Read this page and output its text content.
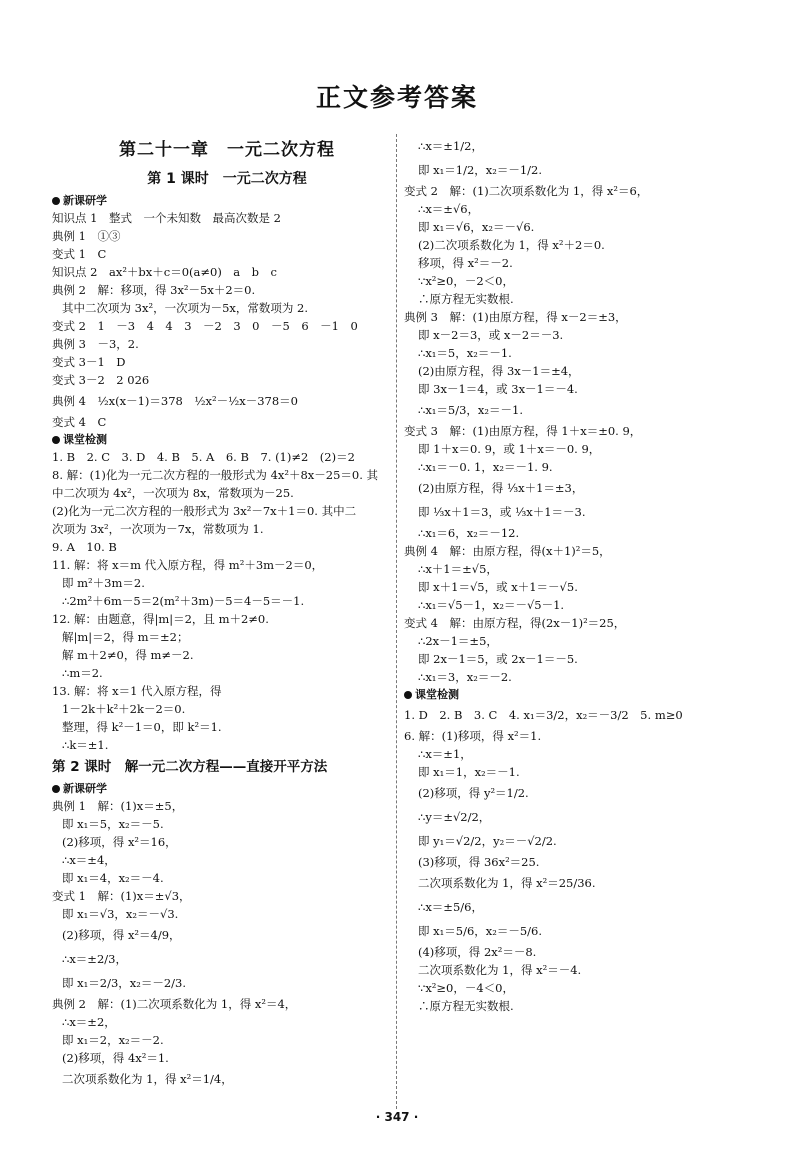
正文参考答案
第二十一章　一元二次方程
第 1 课时　一元二次方程
新课研学
知识点 1　整式　一个未知数　最高次数是 2
典例 1　①③
变式 1　C
知识点 2　ax²＋bx＋c＝0(a≠0)　a　b　c
典例 2　解：移项，得 3x²－5x＋2＝0.
其中二次项为 3x²，一次项为－5x，常数项为 2.
变式 2　1　－3　4　4　3　－2　3　0　－5　6　－1　0
典例 3　－3，2.
变式 3－1　D
变式 3－2　2 026
典例 4　½x(x－1)＝378　½x²－½x－378＝0
变式 4　C
课堂检测
1. B　2. C　3. D　4. B　5. A　6. B　7. (1)≠2　(2)＝2
8. 解：(1)化为一元二次方程的一般形式为 4x²＋8x－25＝0. 其
中二次项为 4x²，一次项为 8x，常数项为－25.
(2)化为一元二次方程的一般形式为 3x²－7x＋1＝0. 其中二
次项为 3x²，一次项为－7x，常数项为 1.
9. A　10. B
11. 解：将 x＝m 代入原方程，得 m²＋3m－2＝0，
即 m²＋3m＝2.
∴2m²＋6m－5＝2(m²＋3m)－5＝4－5＝－1.
12. 解：由题意，得|m|＝2，且 m＋2≠0.
解|m|＝2，得 m＝±2；
解 m＋2≠0，得 m≠－2.
∴m＝2.
13. 解：将 x＝1 代入原方程，得
1－2k＋k²＋2k－2＝0.
整理，得 k²－1＝0，即 k²＝1.
∴k＝±1.
第 2 课时　解一元二次方程——直接开平方法
新课研学
典例 1　解：(1)x＝±5，
即 x₁＝5，x₂＝－5.
(2)移项，得 x²＝16，
∴x＝±4，
即 x₁＝4，x₂＝－4.
变式 1　解：(1)x＝±√3，
即 x₁＝√3，x₂＝－√3.
(2)移项，得 x²＝4/9，
∴x＝±2/3，
即 x₁＝2/3，x₂＝－2/3.
典例 2　解：(1)二次项系数化为 1，得 x²＝4，
∴x＝±2，
即 x₁＝2，x₂＝－2.
(2)移项，得 4x²＝1.
二次项系数化为 1，得 x²＝1/4，
∴x＝±1/2，
即 x₁＝1/2，x₂＝－1/2.
变式 2　解：(1)二次项系数化为 1，得 x²＝6，
∴x＝±√6，
即 x₁＝√6，x₂＝－√6.
(2)二次项系数化为 1，得 x²＋2＝0.
移项，得 x²＝－2.
∵x²≥0，－2＜0，
∴原方程无实数根.
典例 3　解：(1)由原方程，得 x－2＝±3，
即 x－2＝3，或 x－2＝－3.
∴x₁＝5，x₂＝－1.
(2)由原方程，得 3x－1＝±4，
即 3x－1＝4，或 3x－1＝－4.
∴x₁＝5/3，x₂＝－1.
变式 3　解：(1)由原方程，得 1＋x＝±0. 9，
即 1＋x＝0. 9，或 1＋x＝－0. 9，
∴x₁＝－0. 1，x₂＝－1. 9.
(2)由原方程，得 ⅓x＋1＝±3，
即 ⅓x＋1＝3，或 ⅓x＋1＝－3.
∴x₁＝6，x₂＝－12.
典例 4　解：由原方程，得(x＋1)²＝5，
∴x＋1＝±√5，
即 x＋1＝√5，或 x＋1＝－√5.
∴x₁＝√5－1，x₂＝－√5－1.
变式 4　解：由原方程，得(2x－1)²＝25，
∴2x－1＝±5，
即 2x－1＝5，或 2x－1＝－5.
∴x₁＝3，x₂＝－2.
课堂检测
1. D　2. B　3. C　4. x₁＝3/2，x₂＝－3/2　5. m≥0
6. 解：(1)移项，得 x²＝1.
∴x＝±1，
即 x₁＝1，x₂＝－1.
(2)移项，得 y²＝1/2.
∴y＝±√2/2，
即 y₁＝√2/2，y₂＝－√2/2.
(3)移项，得 36x²＝25.
二次项系数化为 1，得 x²＝25/36.
∴x＝±5/6，
即 x₁＝5/6，x₂＝－5/6.
(4)移项，得 2x²＝－8.
二次项系数化为 1，得 x²＝－4.
∵x²≥0，－4＜0，
∴原方程无实数根.
· 347 ·
